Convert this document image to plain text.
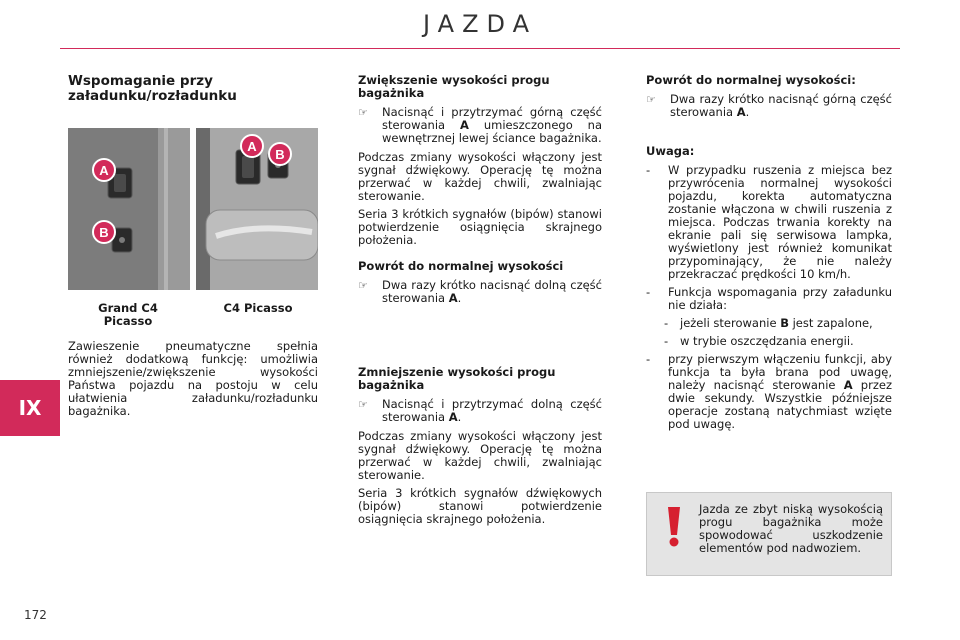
JAZDA
IX
172
Wspomaganie przy załadunku/rozładunku
A
B
A
B
Grand C4 Picasso
C4 Picasso

Zawieszenie pneumatyczne spełnia również dodatkową funkcję: umożliwia zmniejszenie/zwiększenie wysokości Państwa pojazdu na postoju w celu ułatwienia załadunku/rozładunku bagażnika.

Zwiększenie wysokości progu bagażnika
☞	Nacisnąć i przytrzymać górną część sterowania A umieszczonego na wewnętrznej lewej ściance bagażnika.

Podczas zmiany wysokości włączony jest sygnał dźwiękowy. Operację tę można przerwać w każdej chwili, zwalniając sterowanie.

Seria 3 krótkich sygnałów (bipów) stanowi potwierdzenie osiągnięcia skrajnego położenia.

Powrót do normalnej wysokości
☞	Dwa razy krótko nacisnąć dolną część sterowania A.
Zmniejszenie wysokości progu bagażnika
☞	Nacisnąć i przytrzymać dolną część sterowania A.

Podczas zmiany wysokości włączony jest sygnał dźwiękowy. Operację tę można przerwać w każdej chwili, zwalniając sterowanie.

Seria 3 krótkich sygnałów dźwiękowych (bipów) stanowi potwierdzenie osiągnięcia skrajnego położenia.

Powrót do normalnej wysokości:
☞	Dwa razy krótko nacisnąć górną część sterowania A.
Uwaga:
-	W przypadku ruszenia z miejsca bez przywrócenia normalnej wysokości pojazdu, korekta automatyczna zostanie włączona w chwili ruszenia z miejsca. Podczas trwania korekty na ekranie pali się serwisowa lampka, wyświetlony jest również komunikat przypominający, że nie należy przekraczać prędkości 10 km/h.
-	Funkcja wspomagania przy załadunku nie działa:
-	jeżeli sterowanie B jest zapalone,
-	w trybie oszczędzania energii.
-	przy pierwszym włączeniu funkcji, aby funkcja ta była brana pod uwagę, należy nacisnąć sterowanie A przez dwie sekundy. Wszystkie późniejsze operacje zostaną natychmiast wzięte pod uwagę.
Jazda ze zbyt niską wysokością progu bagażnika może spowodować uszkodzenie elementów pod nadwoziem.
